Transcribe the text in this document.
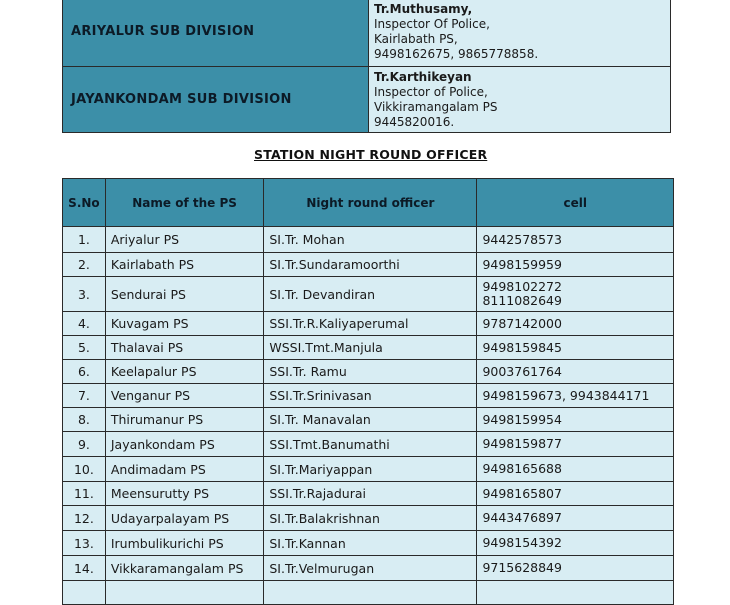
ARIYALUR SUB DIVISION	Tr.Muthusamy,
Inspector Of Police,
Kairlabath PS,
9498162675, 9865778858.

JAYANKONDAM SUB DIVISION	Tr.Karthikeyan
Inspector of Police,
Vikkiramangalam PS
9445820016.
STATION NIGHT ROUND OFFICER
S.No	Name of the PS	Night round officer	cell
1.	Ariyalur PS	SI.Tr. Mohan	9442578573

2.	Kairlabath PS	SI.Tr.Sundaramoorthi	9498159959

3.	Sendurai PS	SI.Tr. Devandiran	9498102272
8111082649

4.	Kuvagam PS	SSI.Tr.R.Kaliyaperumal	9787142000

5.	Thalavai PS	WSSI.Tmt.Manjula	9498159845

6.	Keelapalur PS	SSI.Tr. Ramu	9003761764

7.	Venganur PS	SSI.Tr.Srinivasan	9498159673, 9943844171

8.	Thirumanur PS	SI.Tr. Manavalan	9498159954

9.	Jayankondam PS	SSI.Tmt.Banumathi	9498159877

10.	Andimadam PS	SI.Tr.Mariyappan	9498165688

11.	Meensurutty PS	SSI.Tr.Rajadurai	9498165807

12.	Udayarpalayam PS	SI.Tr.Balakrishnan	9443476897

13.	Irumbulikurichi PS	SI.Tr.Kannan	9498154392

14.	Vikkaramangalam PS	SI.Tr.Velmurugan	9715628849
